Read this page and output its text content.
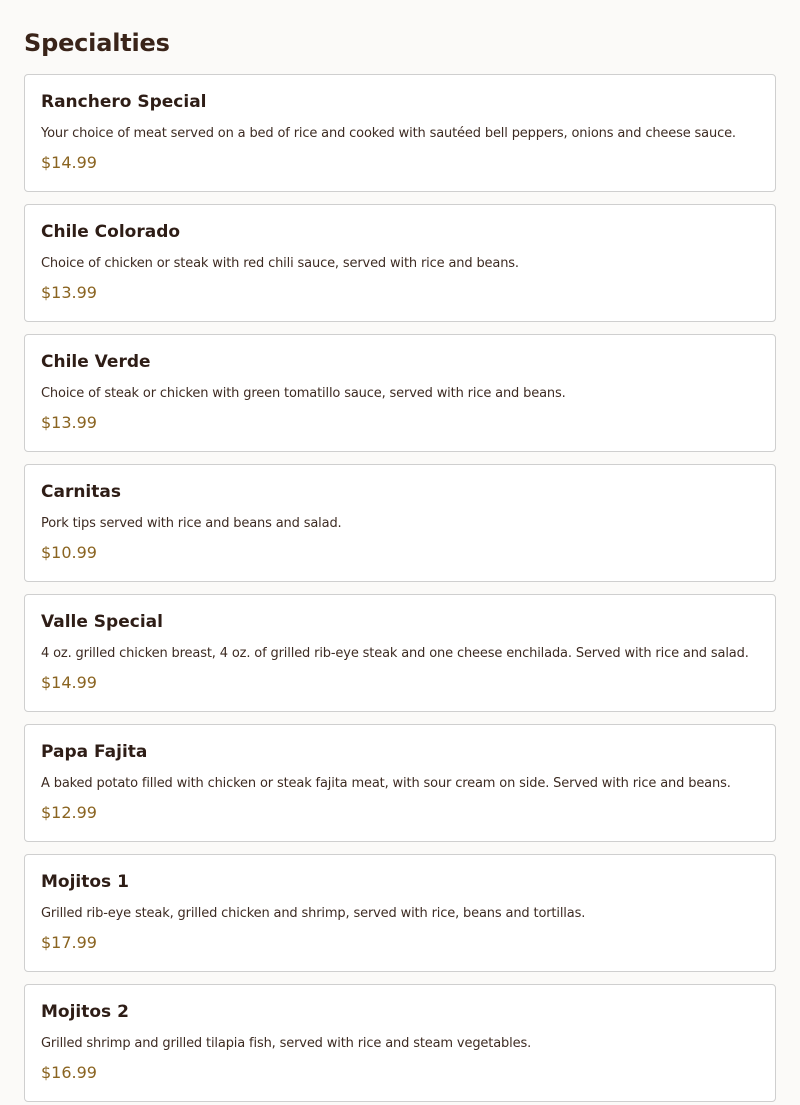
Specialties
Ranchero Special

Your choice of meat served on a bed of rice and cooked with sautéed bell peppers, onions and cheese sauce.

$14.99

Chile Colorado

Choice of chicken or steak with red chili sauce, served with rice and beans.

$13.99

Chile Verde

Choice of steak or chicken with green tomatillo sauce, served with rice and beans.

$13.99

Carnitas

Pork tips served with rice and beans and salad.

$10.99

Valle Special

4 oz. grilled chicken breast, 4 oz. of grilled rib-eye steak and one cheese enchilada. Served with rice and salad.

$14.99

Papa Fajita

A baked potato filled with chicken or steak fajita meat, with sour cream on side. Served with rice and beans.

$12.99

Mojitos 1

Grilled rib-eye steak, grilled chicken and shrimp, served with rice, beans and tortillas.

$17.99

Mojitos 2

Grilled shrimp and grilled tilapia fish, served with rice and steam vegetables.

$16.99
